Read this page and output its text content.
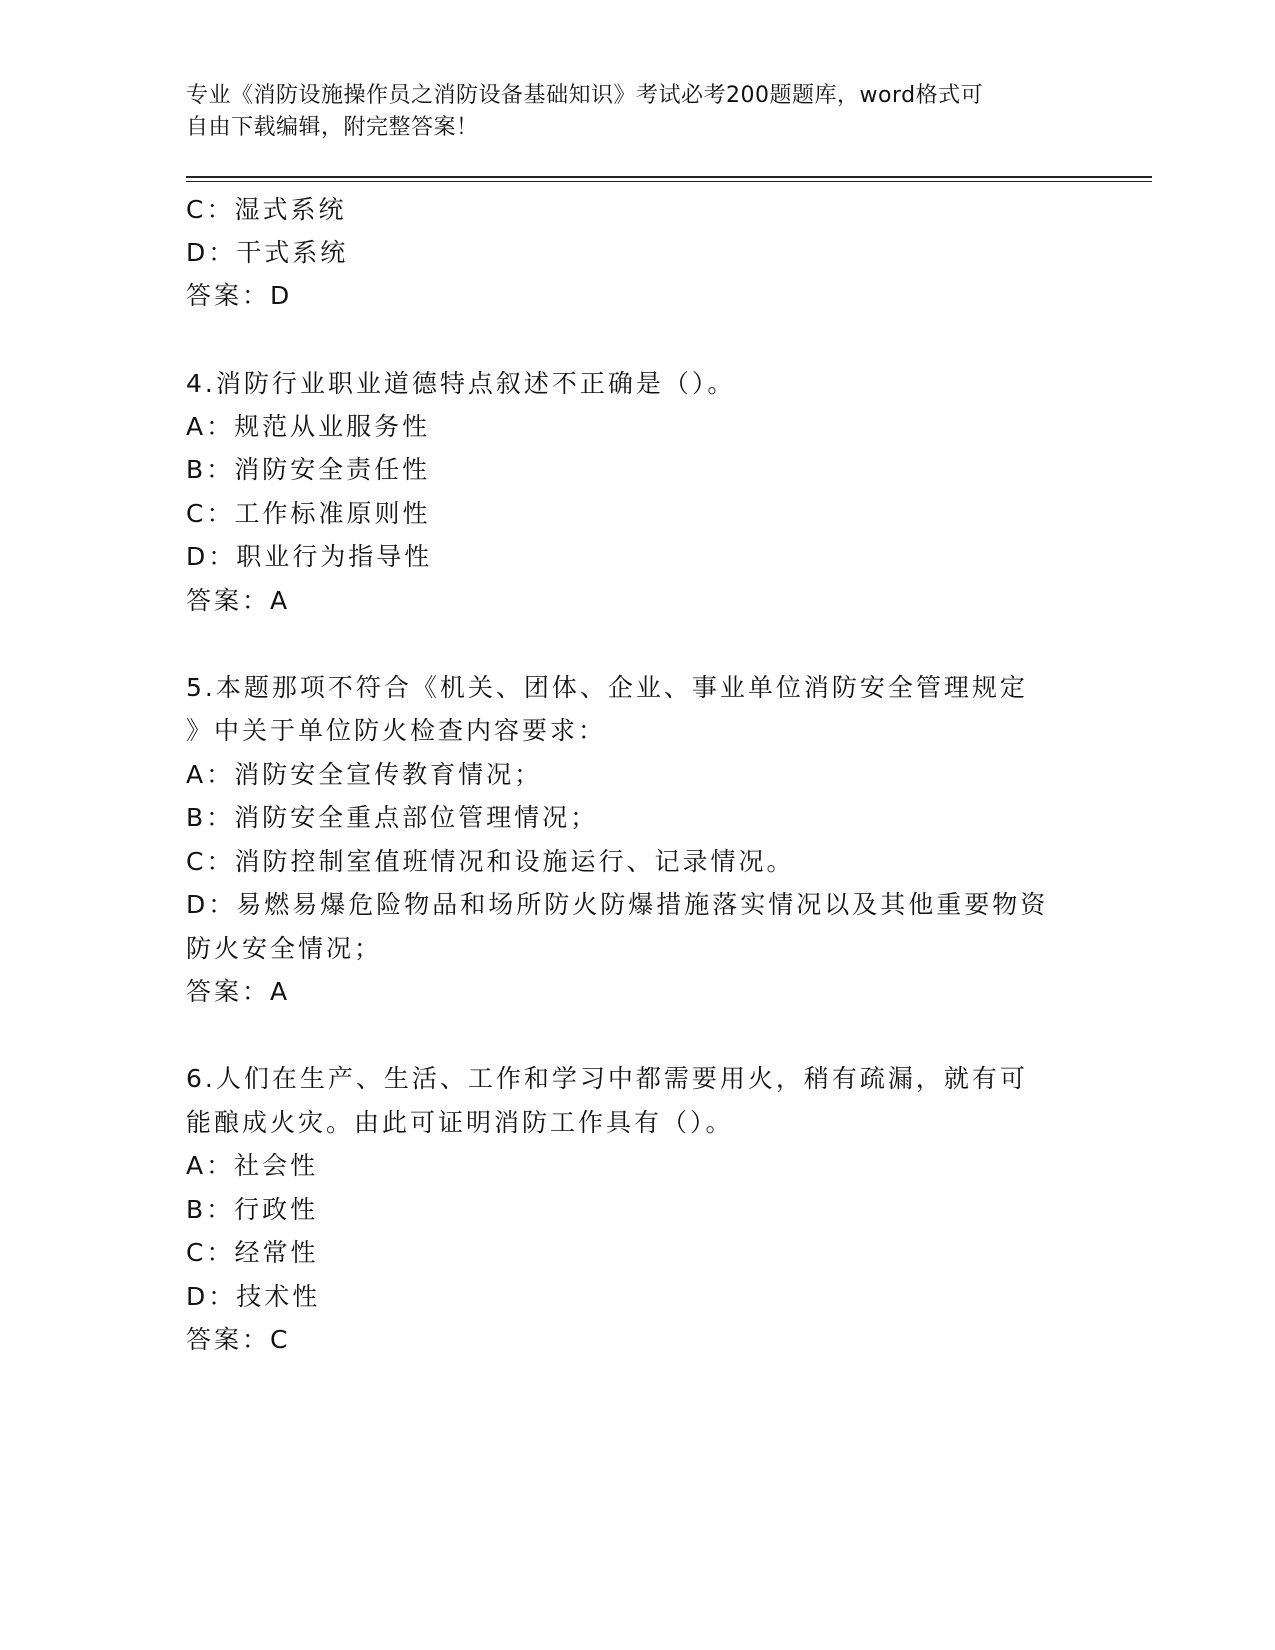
专业《消防设施操作员之消防设备基础知识》考试必考200题题库，word格式可
自由下载编辑，附完整答案！
C：湿式系统
D：干式系统
答案：D
4.消防行业职业道德特点叙述不正确是（）。
A：规范从业服务性
B：消防安全责任性
C：工作标准原则性
D：职业行为指导性
答案：A
5.本题那项不符合《机关、团体、企业、事业单位消防安全管理规定
》中关于单位防火检查内容要求：
A：消防安全宣传教育情况；
B：消防安全重点部位管理情况；
C：消防控制室值班情况和设施运行、记录情况。
D：易燃易爆危险物品和场所防火防爆措施落实情况以及其他重要物资
防火安全情况；
答案：A
6.人们在生产、生活、工作和学习中都需要用火，稍有疏漏，就有可
能酿成火灾。由此可证明消防工作具有（）。
A：社会性
B：行政性
C：经常性
D：技术性
答案：C
